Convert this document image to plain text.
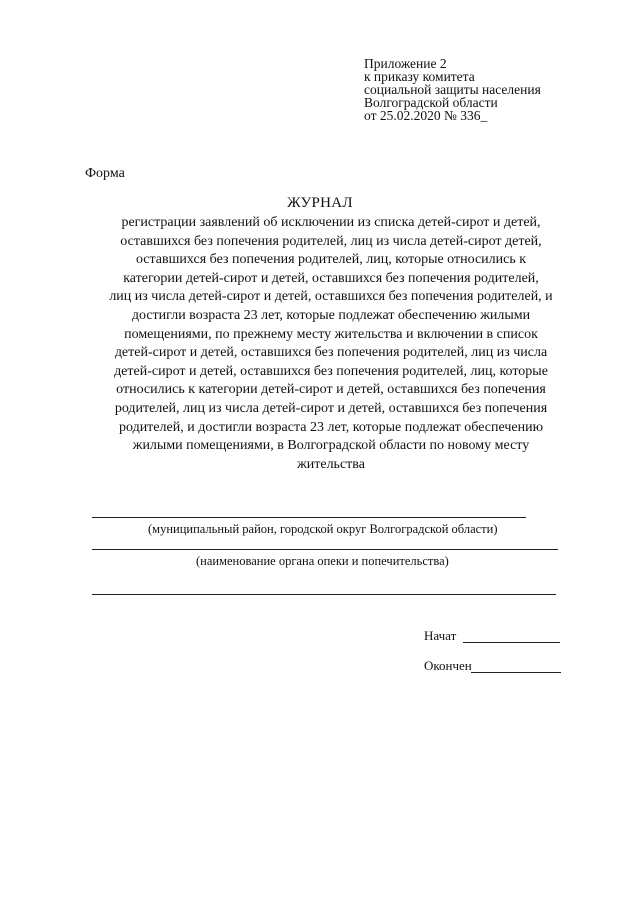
Приложение 2
к приказу комитета
социальной защиты населения
Волгоградской области
от 25.02.2020 № 336_
Форма
ЖУРНАЛ
регистрации заявлений об исключении из списка детей-сирот и детей,
оставшихся без попечения родителей, лиц из числа детей-сирот детей,
оставшихся без попечения родителей, лиц, которые относились к
категории детей-сирот и детей, оставшихся без попечения родителей,
лиц из числа детей-сирот и детей, оставшихся без попечения родителей, и
достигли возраста 23 лет, которые подлежат обеспечению жилыми
помещениями, по прежнему месту жительства и включении в список
детей-сирот и детей, оставшихся без попечения родителей, лиц из числа
детей-сирот и детей, оставшихся без попечения родителей, лиц, которые
относились к категории детей-сирот и детей, оставшихся без попечения
родителей, лиц из числа детей-сирот и детей, оставшихся без попечения
родителей, и достигли возраста 23 лет, которые подлежат обеспечению
жилыми помещениями, в Волгоградской области по новому месту
жительства
(муниципальный район, городской округ Волгоградской области)
(наименование органа опеки и попечительства)
Начат
Окончен
